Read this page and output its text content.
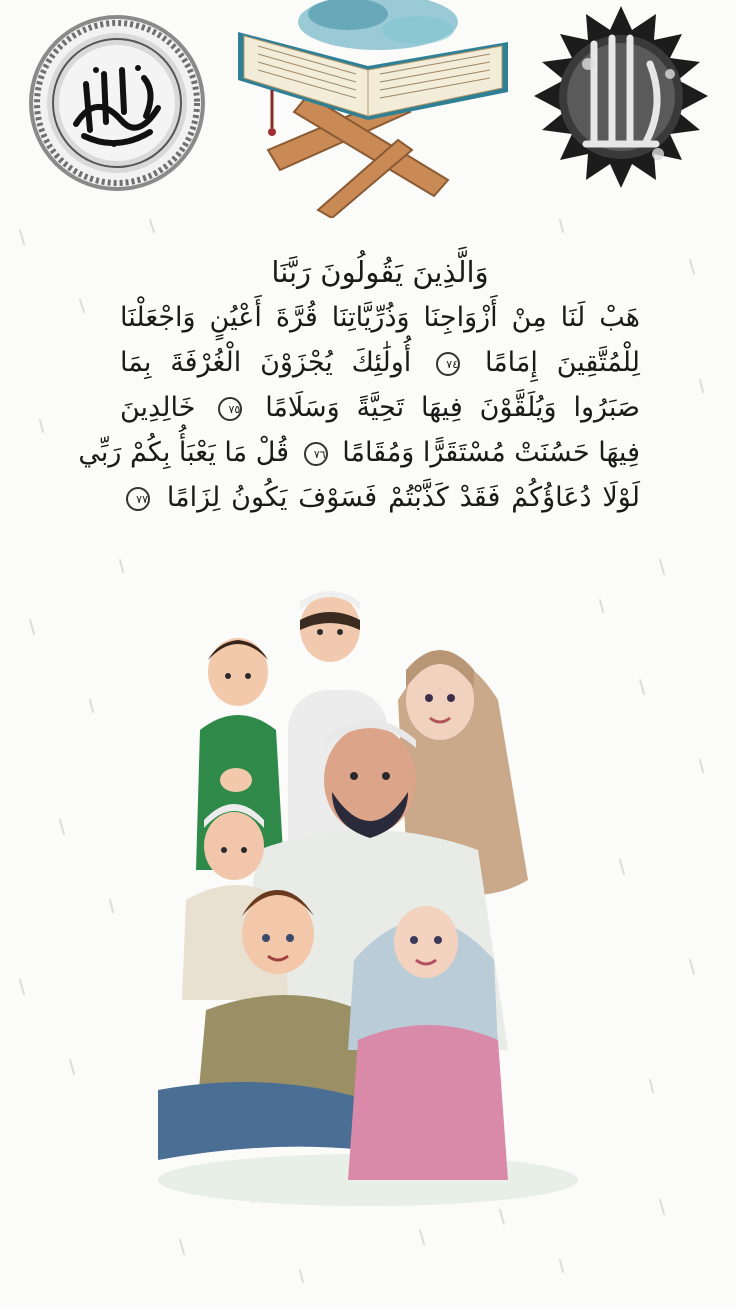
وَالَّذِينَ يَقُولُونَ رَبَّنَا
هَبْ لَنَا مِنْ أَزْوَاجِنَا وَذُرِّيَّاتِنَا قُرَّةَ أَعْيُنٍ وَاجْعَلْنَا
لِلْمُتَّقِينَ إِمَامًا ٧٤ أُولَٰئِكَ يُجْزَوْنَ الْغُرْفَةَ بِمَا
صَبَرُوا وَيُلَقَّوْنَ فِيهَا تَحِيَّةً وَسَلَامًا ٧٥ خَالِدِينَ
فِيهَا حَسُنَتْ مُسْتَقَرًّا وَمُقَامًا ٧٦ قُلْ مَا يَعْبَأُ بِكُمْ رَبِّي
لَوْلَا دُعَاؤُكُمْ فَقَدْ كَذَّبْتُمْ فَسَوْفَ يَكُونُ لِزَامًا ٧٧
